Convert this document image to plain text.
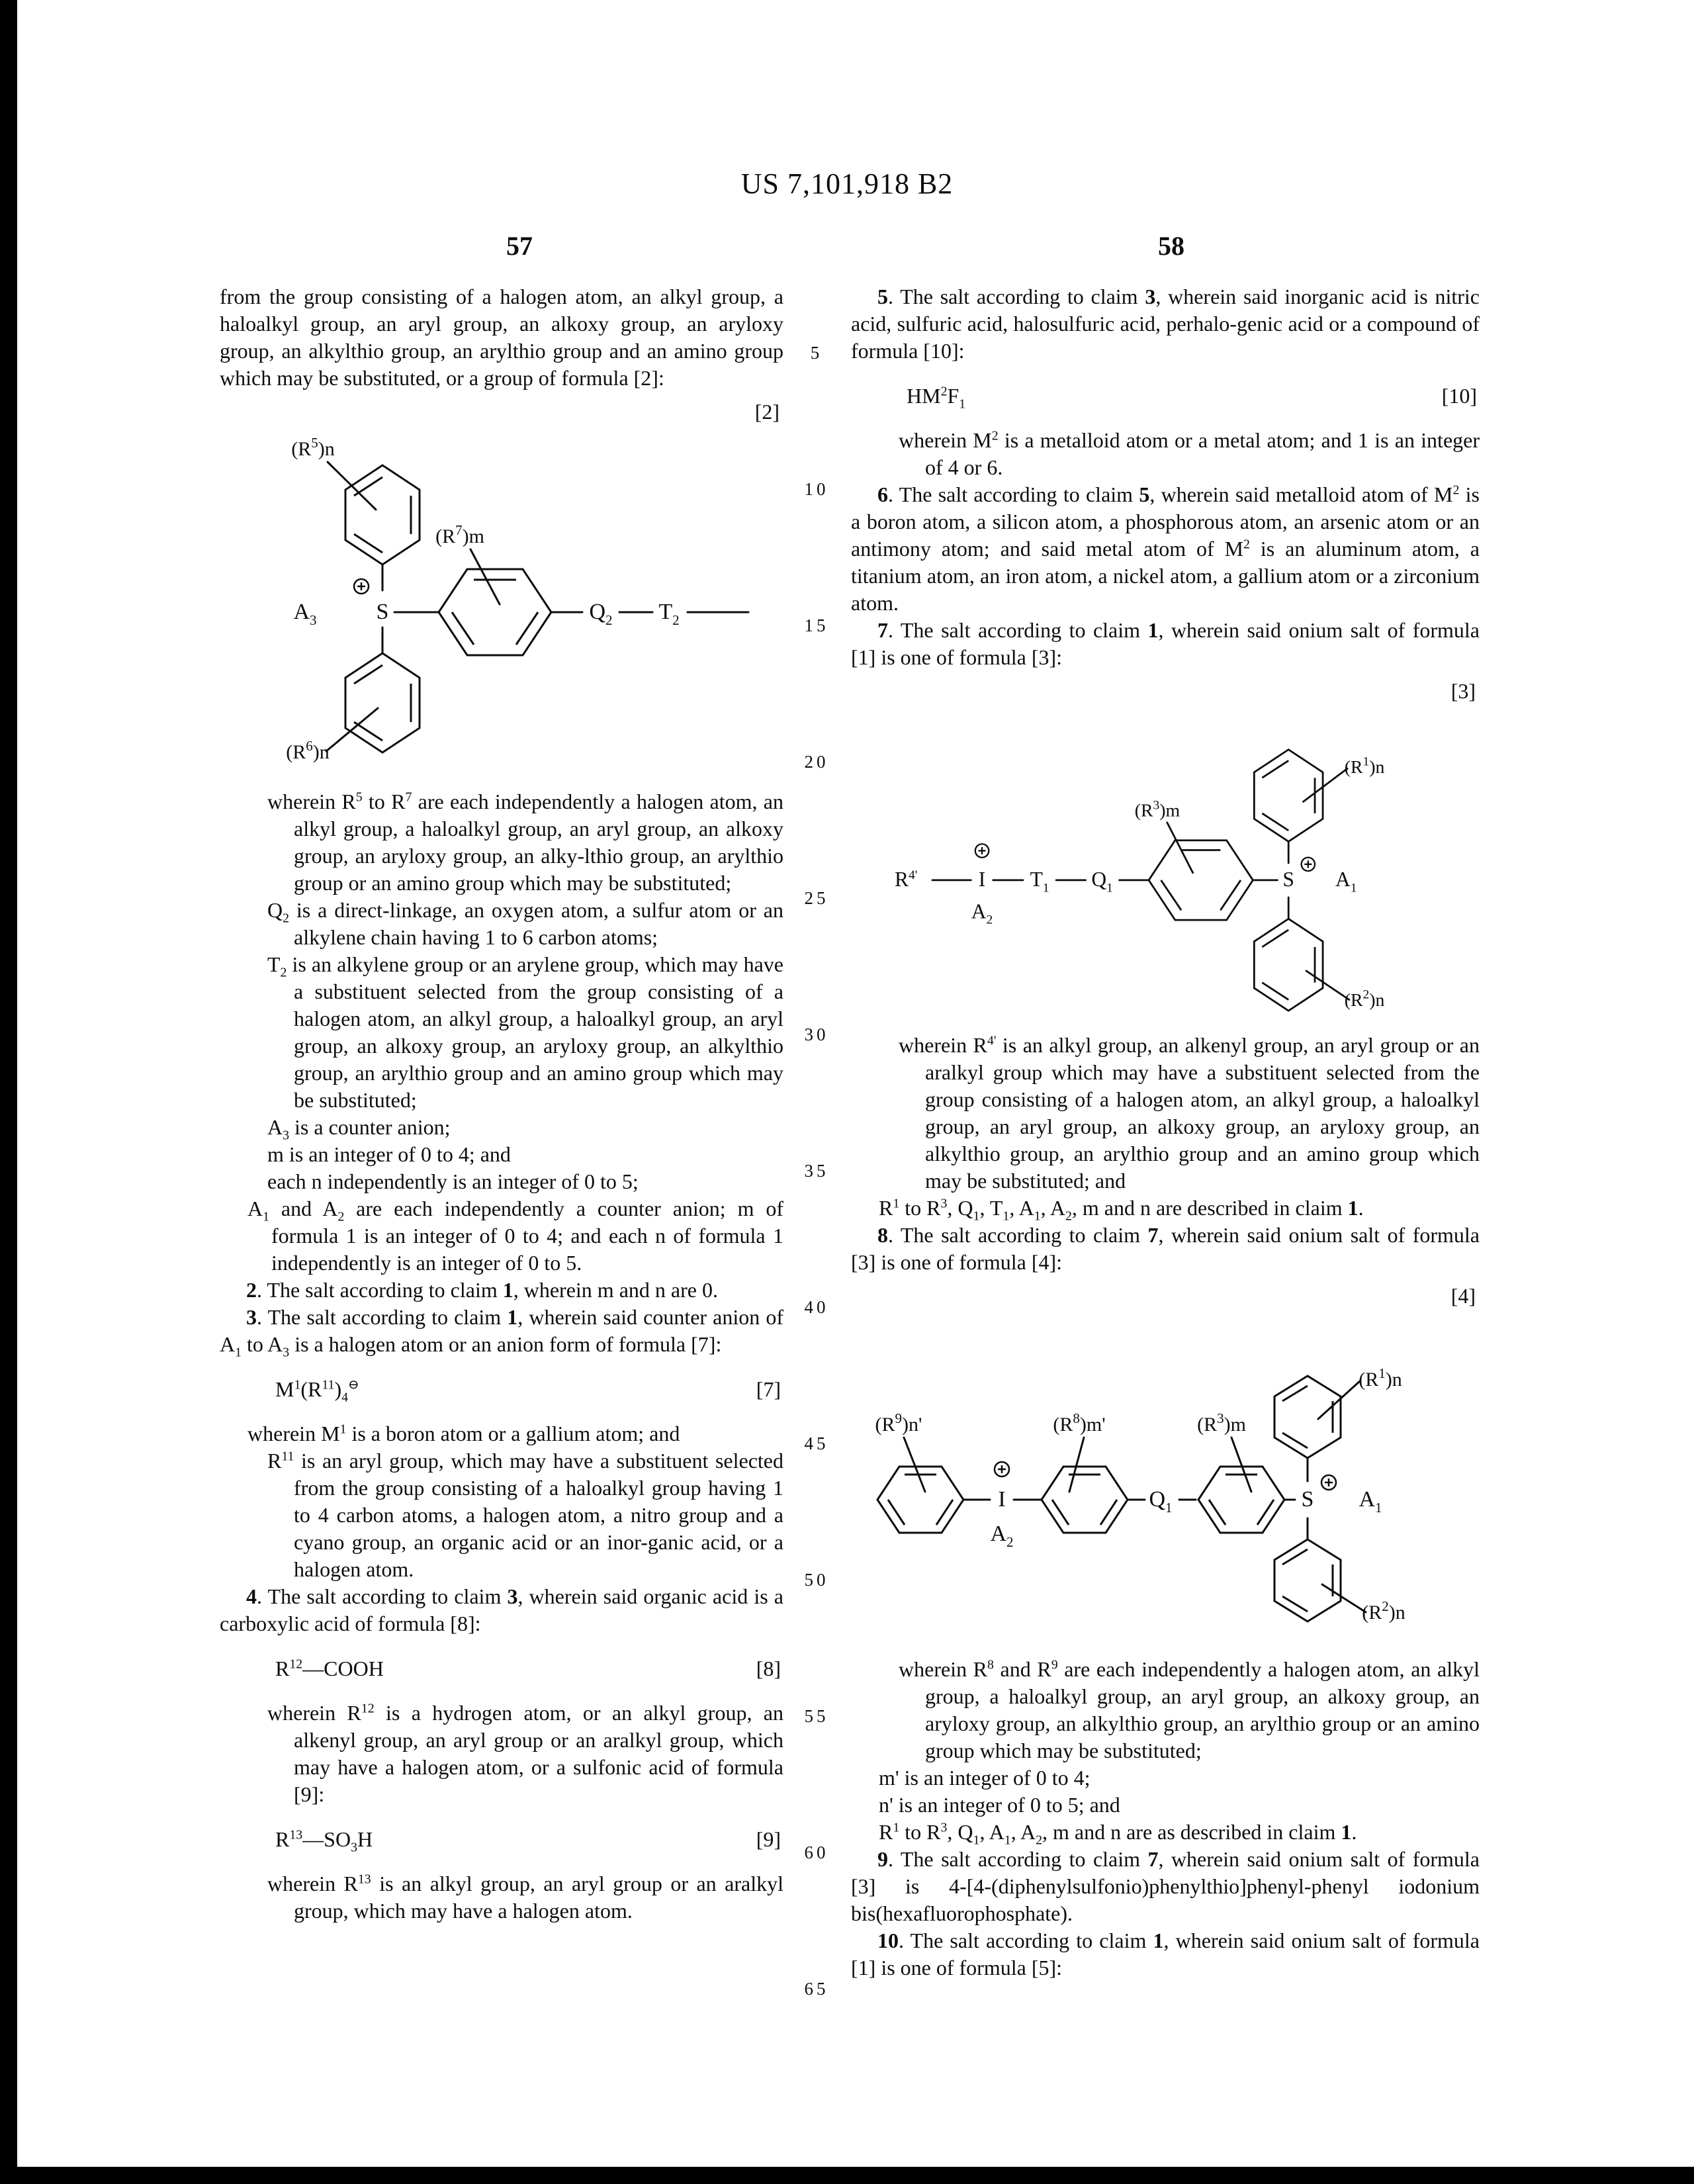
US 7,101,918 B2
57	58
5
10
15
20
25
30
35
40
45
50
55
60
65

from the group consisting of a halogen atom, an alkyl group, a haloalkyl group, an aryl group, an alkoxy group, an aryloxy group, an alkylthio group, an arylthio group and an amino group which may be substituted, or a group of formula [2]:

[2]
$(R^5)n$
S
$A_3$
$(R^7)m$
$Q_2$ $T_2$
$(R^6)n$

wherein $R^5$ to $R^7$ are each independently a halogen atom, an alkyl group, a haloalkyl group, an aryl group, an alkoxy group, an aryloxy group, an alky-lthio group, an arylthio group or an amino group which may be substituted;

$Q_2$ is a direct-linkage, an oxygen atom, a sulfur atom or an alkylene chain having 1 to 6 carbon atoms;

$T_2$ is an alkylene group or an arylene group, which may have a substituent selected from the group consisting of a halogen atom, an alkyl group, a haloalkyl group, an aryl group, an alkoxy group, an aryloxy group, an alkylthio group, an arylthio group and an amino group which may be substituted;

$A_3$ is a counter anion;

m is an integer of 0 to 4; and

each n independently is an integer of 0 to 5;

$A_1$ and $A_2$ are each independently a counter anion; m of formula 1 is an integer of 0 to 4; and each n of formula 1 independently is an integer of 0 to 5.

2. The salt according to claim 1, wherein m and n are 0.

3. The salt according to claim 1, wherein said counter anion of $A_1$ to $A_3$ is a halogen atom or an anion form of formula [7]:

$M^1(R^{11})_4^⊖$	[7]

wherein $M^1$ is a boron atom or a gallium atom; and

$R^{11}$ is an aryl group, which may have a substituent selected from the group consisting of a haloalkyl group having 1 to 4 carbon atoms, a halogen atom, a nitro group and a cyano group, an organic acid or an inor-ganic acid, or a halogen atom.

4. The salt according to claim 3, wherein said organic acid is a carboxylic acid of formula [8]:

$R^{12}—COOH$	[8]

wherein $R^{12}$ is a hydrogen atom, or an alkyl group, an alkenyl group, an aryl group or an aralkyl group, which may have a halogen atom, or a sulfonic acid of formula [9]:

$R^{13}—SO_3H$	[9]

wherein $R^{13}$ is an alkyl group, an aryl group or an aralkyl group, which may have a halogen atom.

5. The salt according to claim 3, wherein said inorganic acid is nitric acid, sulfuric acid, halosulfuric acid, perhalo-genic acid or a compound of formula [10]:

$HM^2F_1$	[10]

wherein $M^2$ is a metalloid atom or a metal atom; and 1 is an integer of 4 or 6.

6. The salt according to claim 5, wherein said metalloid atom of $M^2$ is a boron atom, a silicon atom, a phosphorous atom, an arsenic atom or an antimony atom; and said metal atom of $M^2$ is an aluminum atom, a titanium atom, an iron atom, a nickel atom, a gallium atom or a zirconium atom.

7. The salt according to claim 1, wherein said onium salt of formula [1] is one of formula [3]:

[3]
$R^{4'}$	I
$A_2$
$T_1$ $Q_1$
$(R^3)m$
S $A_1$
$(R^1)n$
$(R^2)n$

wherein $R^{4'}$ is an alkyl group, an alkenyl group, an aryl group or an aralkyl group which may have a substituent selected from the group consisting of a halogen atom, an alkyl group, a haloalkyl group, an aryl group, an alkoxy group, an aryloxy group, an alkylthio group, an arylthio group and an amino group which may be substituted; and

$R^1$ to $R^3$, $Q_1$, $T_1$, $A_1$, $A_2$, m and n are described in claim 1.

8. The salt according to claim 7, wherein said onium salt of formula [3] is one of formula [4]:

[4]
$(R^9)n'$
I
$A_2$
$(R^8)m'$
$Q_1$
$(R^3)m$
S $A_1$
$(R^1)n$
$(R^2)n$

wherein $R^8$ and $R^9$ are each independently a halogen atom, an alkyl group, a haloalkyl group, an aryl group, an alkoxy group, an aryloxy group, an alkylthio group, an arylthio group or an amino group which may be substituted;

m' is an integer of 0 to 4;

n' is an integer of 0 to 5; and

$R^1$ to $R^3$, $Q_1$, $A_1$, $A_2$, m and n are as described in claim 1.

9. The salt according to claim 7, wherein said onium salt of formula [3] is 4-[4-(diphenylsulfonio)phenylthio]phenyl-phenyl iodonium bis(hexafluorophosphate).

10. The salt according to claim 1, wherein said onium salt of formula [1] is one of formula [5]:
